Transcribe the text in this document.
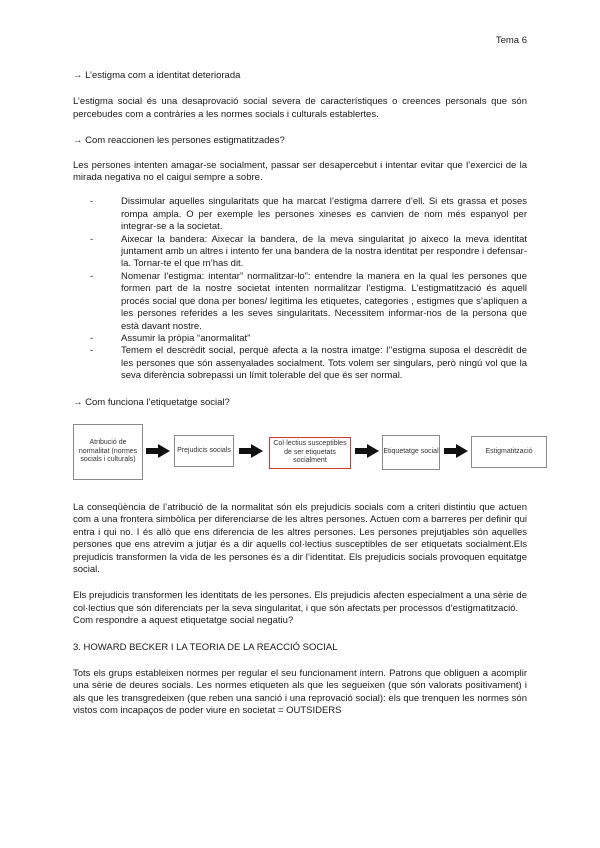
Tema 6

→ L’estigma com a identitat deteriorada

L’estigma social és una desaprovació social severa de característiques o creences personals que són percebudes com a contràries a les normes socials i culturals establertes.

→ Com reaccionen les persones estigmatitzades?

Les persones intenten amagar-se socialment, passar ser desapercebut i intentar evitar que l’exercici de la mirada negativa no el caigui sempre a sobre.

- Dissimular aquelles singularitats que ha marcat l’estigma darrere d’ell. Si ets grassa et poses rompa ampla. O per exemple les persones xineses es canvien de nom més espanyol per integrar-se a la societat.
- Aixecar la bandera: Aixecar la bandera, de la meva singularitat jo aixeco la meva identitat juntament amb un altres i intento fer una bandera de la nostra identitat per respondre i defensar-la. Tornar-te el que m’has dit.
- Nomenar l’estigma: intentar” normalitzar-lo”: entendre la manera en la qual les persones que formen part de la nostre societat intenten normalitzar l’estigma. L’estigmatització és aquell procés social que dona per bones/ legitima les etiquetes, categories , estigmes que s’apliquen a les persones referides a les seves singularitats. Necessitem informar-nos de la persona que està davant nostre.
- Assumir la pròpia “anormalitat”
- Temem el descrèdit social, perquè afecta a la nostra imatge: l’’estigma suposa el descrèdit de les persones que són assenyalades socialment. Tots volem ser singulars, però ningú vol que la seva diferència sobrepassi un límit tolerable del que és ser normal.

→ Com funciona l’etiquetatge social?

Atribució de normalitat (normes socials i culturals)
Prejudicis socials
Col·lectius susceptibles de ser etiquetats socialment
Etiquetatge social	Estigmatització

La conseqüència de l’atribució de la normalitat són els prejudicis socials com a criteri distintiu que actuen com a una frontera simbòlica per diferenciarse de les altres persones. Actuen com a barreres per definir qui entra i qui no. I és allò que ens diferencia de les altres persones. Les persones prejutjables són aquelles persones que ens atrevim a jutjar és a dir aquells col·lectius susceptibles de ser etiquetats socialment.Els prejudicis transformen la vida de les persones és a dir l’identitat. Els prejudicis socials provoquen equitatge social.

Els prejudicis transformen les identitats de les persones. Els prejudicis afecten especialment a una sèrie de col·lectius que són diferenciats per la seva singularitat, i que són afectats per processos d’estigmatització.

Com respondre a aquest etiquetatge social negatiu?

3. HOWARD BECKER I LA TEORIA DE LA REACCIÓ SOCIAL

Tots els grups estableixen normes per regular el seu funcionament intern. Patrons que obliguen a acomplir una sèrie de deures socials. Les normes etiqueten als que les segueixen (que són valorats positivament) i als que les transgredeixen (que reben una sanció i una reprovació social): els que trenquen les normes són vistos com incapaços de poder viure en societat = OUTSIDERS
